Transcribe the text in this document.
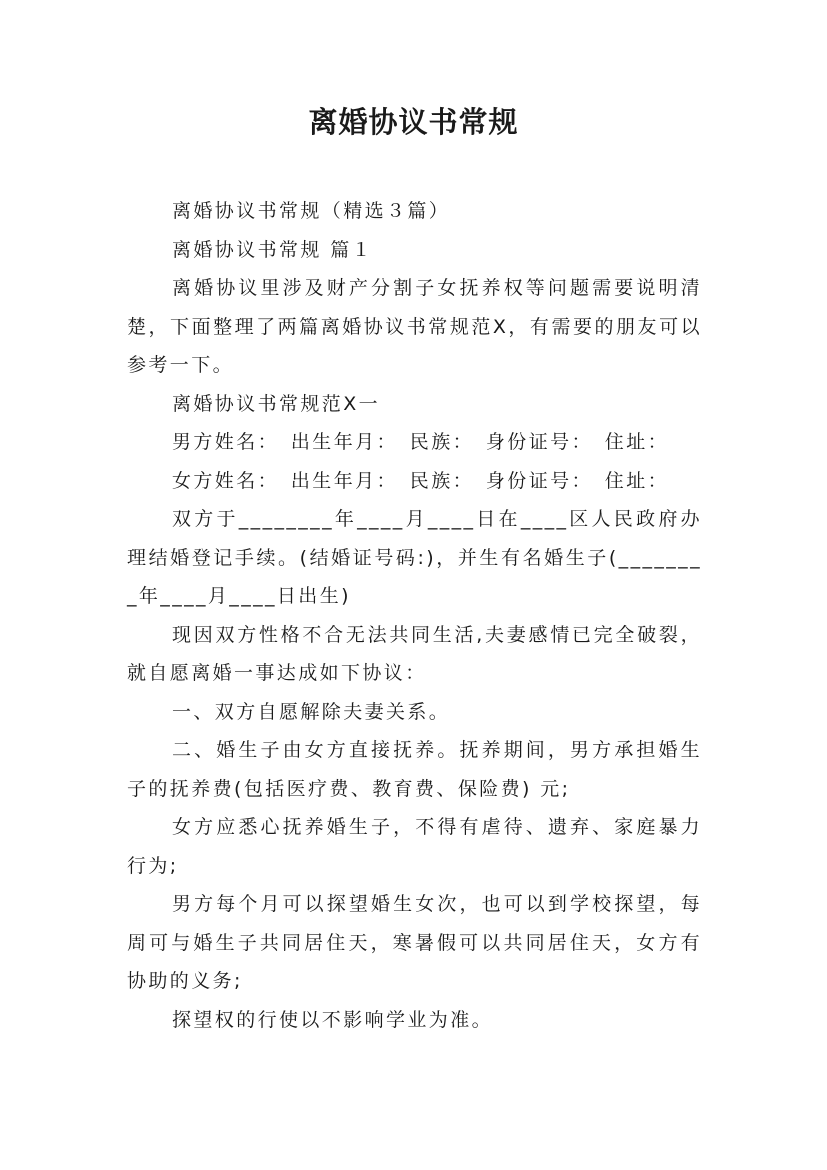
离婚协议书常规

离婚协议书常规（精选３篇）

离婚协议书常规 篇１

离婚协议里涉及财产分割子女抚养权等问题需要说明清楚，下面整理了两篇离婚协议书常规范X，有需要的朋友可以参考一下。

离婚协议书常规范X一

男方姓名：　出生年月：　民族：　身份证号：　住址：

女方姓名：　出生年月：　民族：　身份证号：　住址：

双方于________年____月____日在____区人民政府办理结婚登记手续。(结婚证号码:)，并生有名婚生子(________年____月____日出生)

现因双方性格不合无法共同生活,夫妻感情已完全破裂，就自愿离婚一事达成如下协议：

一、双方自愿解除夫妻关系。

二、婚生子由女方直接抚养。抚养期间，男方承担婚生子的抚养费(包括医疗费、教育费、保险费) 元;

女方应悉心抚养婚生子，不得有虐待、遗弃、家庭暴力行为;

男方每个月可以探望婚生女次，也可以到学校探望，每周可与婚生子共同居住天，寒暑假可以共同居住天，女方有协助的义务;

探望权的行使以不影响学业为准。
